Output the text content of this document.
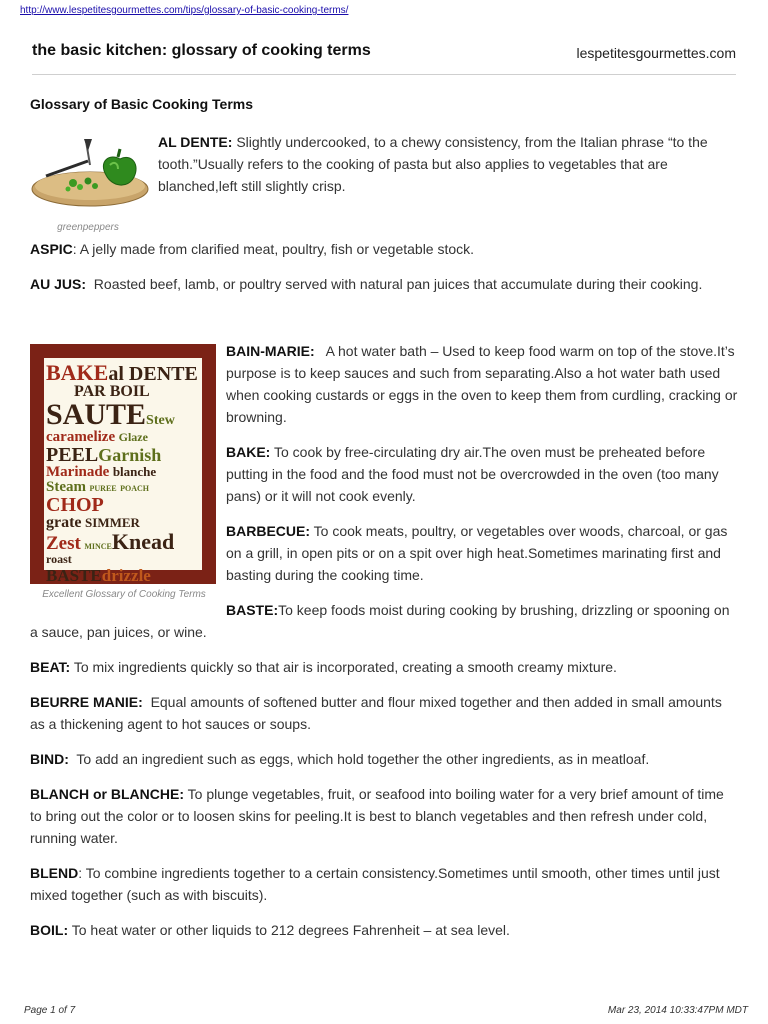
http://www.lespetitesgourmettes.com/tips/glossary-of-basic-cooking-terms/
the basic kitchen: glossary of cooking terms	lespetitesgourmettes.com
Glossary of Basic Cooking Terms
greenpeppers

AL DENTE: Slightly undercooked, to a chewy consistency, from the Italian phrase “to the tooth.”Usually refers to the cooking of pasta but also applies to vegetables that are blanched,left still slightly crisp.

ASPIC: A jelly made from clarified meat, poultry, fish or vegetable stock.

AU JUS: Roasted beef, lamb, or poultry served with natural pan juices that accumulate during their cooking.

BAKEal DENTE
PAR BOIL
SAUTEStew
caramelize Glaze
PEELGarnish
Marinade blanche
Steam PUREE POACH CHOP
grate SIMMER
Zest MINCEKnead roast
BASTEdrizzle
Excellent Glossary of Cooking Terms

BAIN-MARIE: A hot water bath – Used to keep food warm on top of the stove.It’s purpose is to keep sauces and such from separating.Also a hot water bath used when cooking custards or eggs in the oven to keep them from curdling, cracking or browning.

BAKE: To cook by free-circulating dry air.The oven must be preheated before putting in the food and the food must not be overcrowded in the oven (too many pans) or it will not cook evenly.

BARBECUE: To cook meats, poultry, or vegetables over woods, charcoal, or gas on a grill, in open pits or on a spit over high heat.Sometimes marinating first and basting during the cooking time.

BASTE:To keep foods moist during cooking by brushing, drizzling or spooning on a sauce, pan juices, or wine.

BEAT: To mix ingredients quickly so that air is incorporated, creating a smooth creamy mixture.

BEURRE MANIE: Equal amounts of softened butter and flour mixed together and then added in small amounts as a thickening agent to hot sauces or soups.

BIND: To add an ingredient such as eggs, which hold together the other ingredients, as in meatloaf.

BLANCH or BLANCHE: To plunge vegetables, fruit, or seafood into boiling water for a very brief amount of time to bring out the color or to loosen skins for peeling.It is best to blanch vegetables and then refresh under cold, running water.

BLEND: To combine ingredients together to a certain consistency.Sometimes until smooth, other times until just mixed together (such as with biscuits).

BOIL: To heat water or other liquids to 212 degrees Fahrenheit – at sea level.

Page 1 of 7	Mar 23, 2014 10:33:47PM MDT
